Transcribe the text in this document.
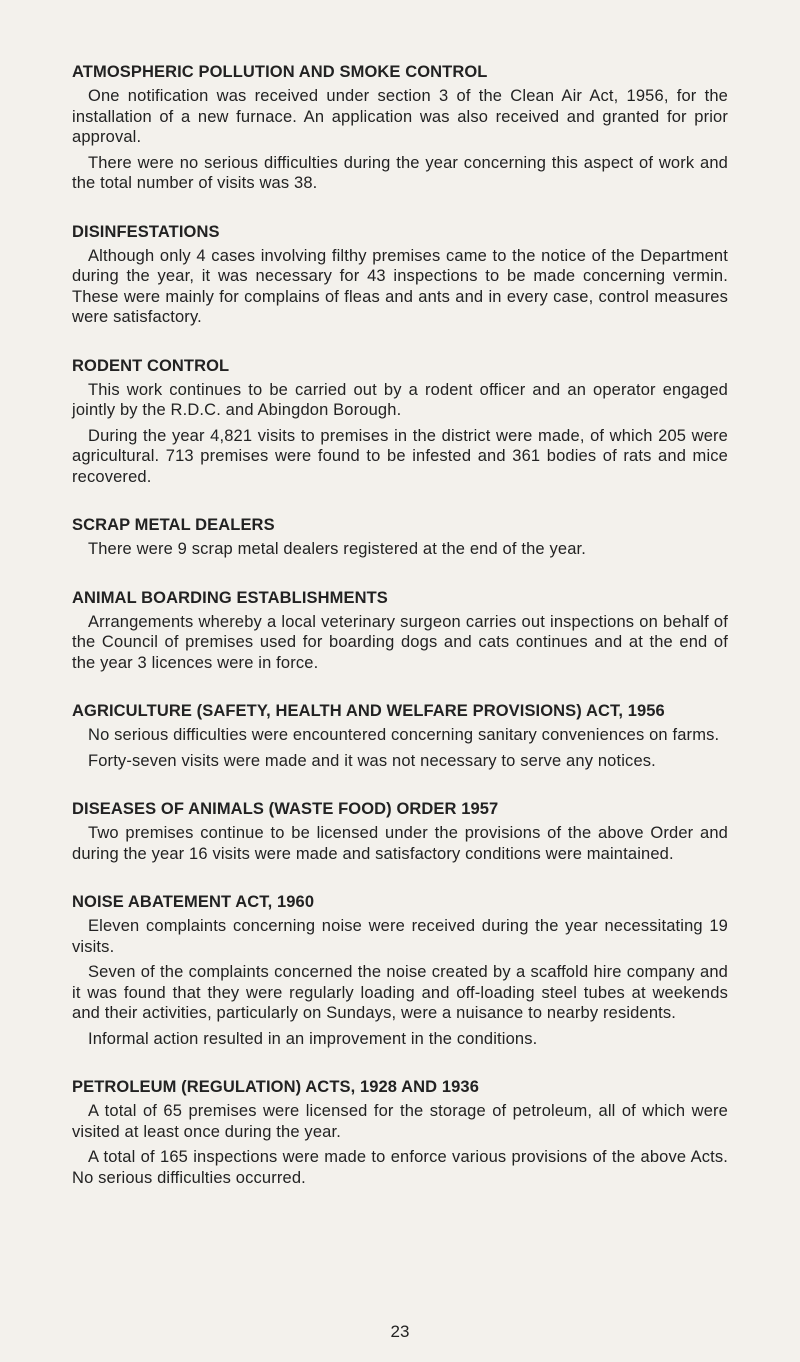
ATMOSPHERIC POLLUTION AND SMOKE CONTROL

One notification was received under section 3 of the Clean Air Act, 1956, for the installation of a new furnace. An application was also received and granted for prior approval.

There were no serious difficulties during the year concerning this aspect of work and the total number of visits was 38.

DISINFESTATIONS

Although only 4 cases involving filthy premises came to the notice of the Department during the year, it was necessary for 43 inspections to be made concerning vermin. These were mainly for complains of fleas and ants and in every case, control measures were satisfactory.

RODENT CONTROL

This work continues to be carried out by a rodent officer and an operator engaged jointly by the R.D.C. and Abingdon Borough.

During the year 4,821 visits to premises in the district were made, of which 205 were agricultural. 713 premises were found to be infested and 361 bodies of rats and mice recovered.

SCRAP METAL DEALERS

There were 9 scrap metal dealers registered at the end of the year.

ANIMAL BOARDING ESTABLISHMENTS

Arrangements whereby a local veterinary surgeon carries out inspections on behalf of the Council of premises used for boarding dogs and cats continues and at the end of the year 3 licences were in force.

AGRICULTURE (SAFETY, HEALTH AND WELFARE PROVISIONS) ACT, 1956

No serious difficulties were encountered concerning sanitary conveniences on farms.

Forty-seven visits were made and it was not necessary to serve any notices.

DISEASES OF ANIMALS (WASTE FOOD) ORDER 1957

Two premises continue to be licensed under the provisions of the above Order and during the year 16 visits were made and satisfactory conditions were maintained.

NOISE ABATEMENT ACT, 1960

Eleven complaints concerning noise were received during the year necessitating 19 visits.

Seven of the complaints concerned the noise created by a scaffold hire company and it was found that they were regularly loading and off-loading steel tubes at weekends and their activities, particularly on Sundays, were a nuisance to nearby residents.

Informal action resulted in an improvement in the conditions.

PETROLEUM (REGULATION) ACTS, 1928 AND 1936

A total of 65 premises were licensed for the storage of petroleum, all of which were visited at least once during the year.

A total of 165 inspections were made to enforce various provisions of the above Acts. No serious difficulties occurred.

23
